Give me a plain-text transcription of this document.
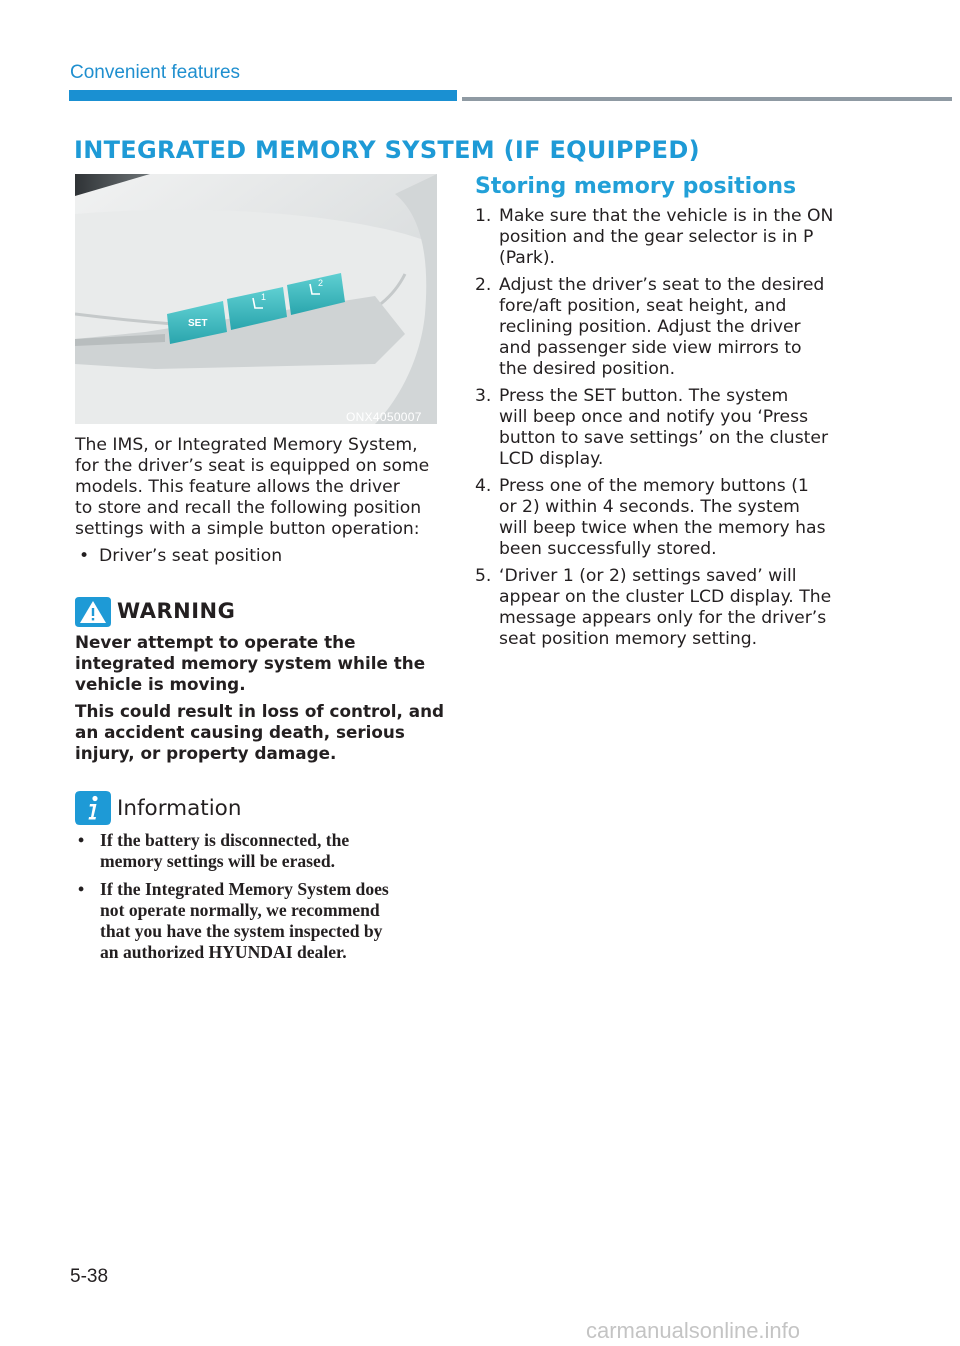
Convenient features
INTEGRATED MEMORY SYSTEM (IF EQUIPPED)
SET
1
2
ONX4050007
The IMS, or Integrated Memory System,
for the driver’s seat is equipped on some
models. This feature allows the driver
to store and recall the following position
settings with a simple button operation:
• Driver’s seat position
WARNING
Never attempt to operate the
integrated memory system while the
vehicle is moving.
This could result in loss of control, and
an accident causing death, serious
injury, or property damage.
Information
• If the battery is disconnected, the
memory settings will be erased.
• If the Integrated Memory System does
not operate normally, we recommend
that you have the system inspected by
an authorized HYUNDAI dealer.
Storing memory positions
1. Make sure that the vehicle is in the ON
position and the gear selector is in P
(Park).
2. Adjust the driver’s seat to the desired
fore/aft position, seat height, and
reclining position. Adjust the driver
and passenger side view mirrors to
the desired position.
3. Press the SET button. The system
will beep once and notify you ‘Press
button to save settings’ on the cluster
LCD display.
4. Press one of the memory buttons (1
or 2) within 4 seconds. The system
will beep twice when the memory has
been successfully stored.
5. ‘Driver 1 (or 2) settings saved’ will
appear on the cluster LCD display. The
message appears only for the driver’s
seat position memory setting.
5-38
carmanualsonline.info
